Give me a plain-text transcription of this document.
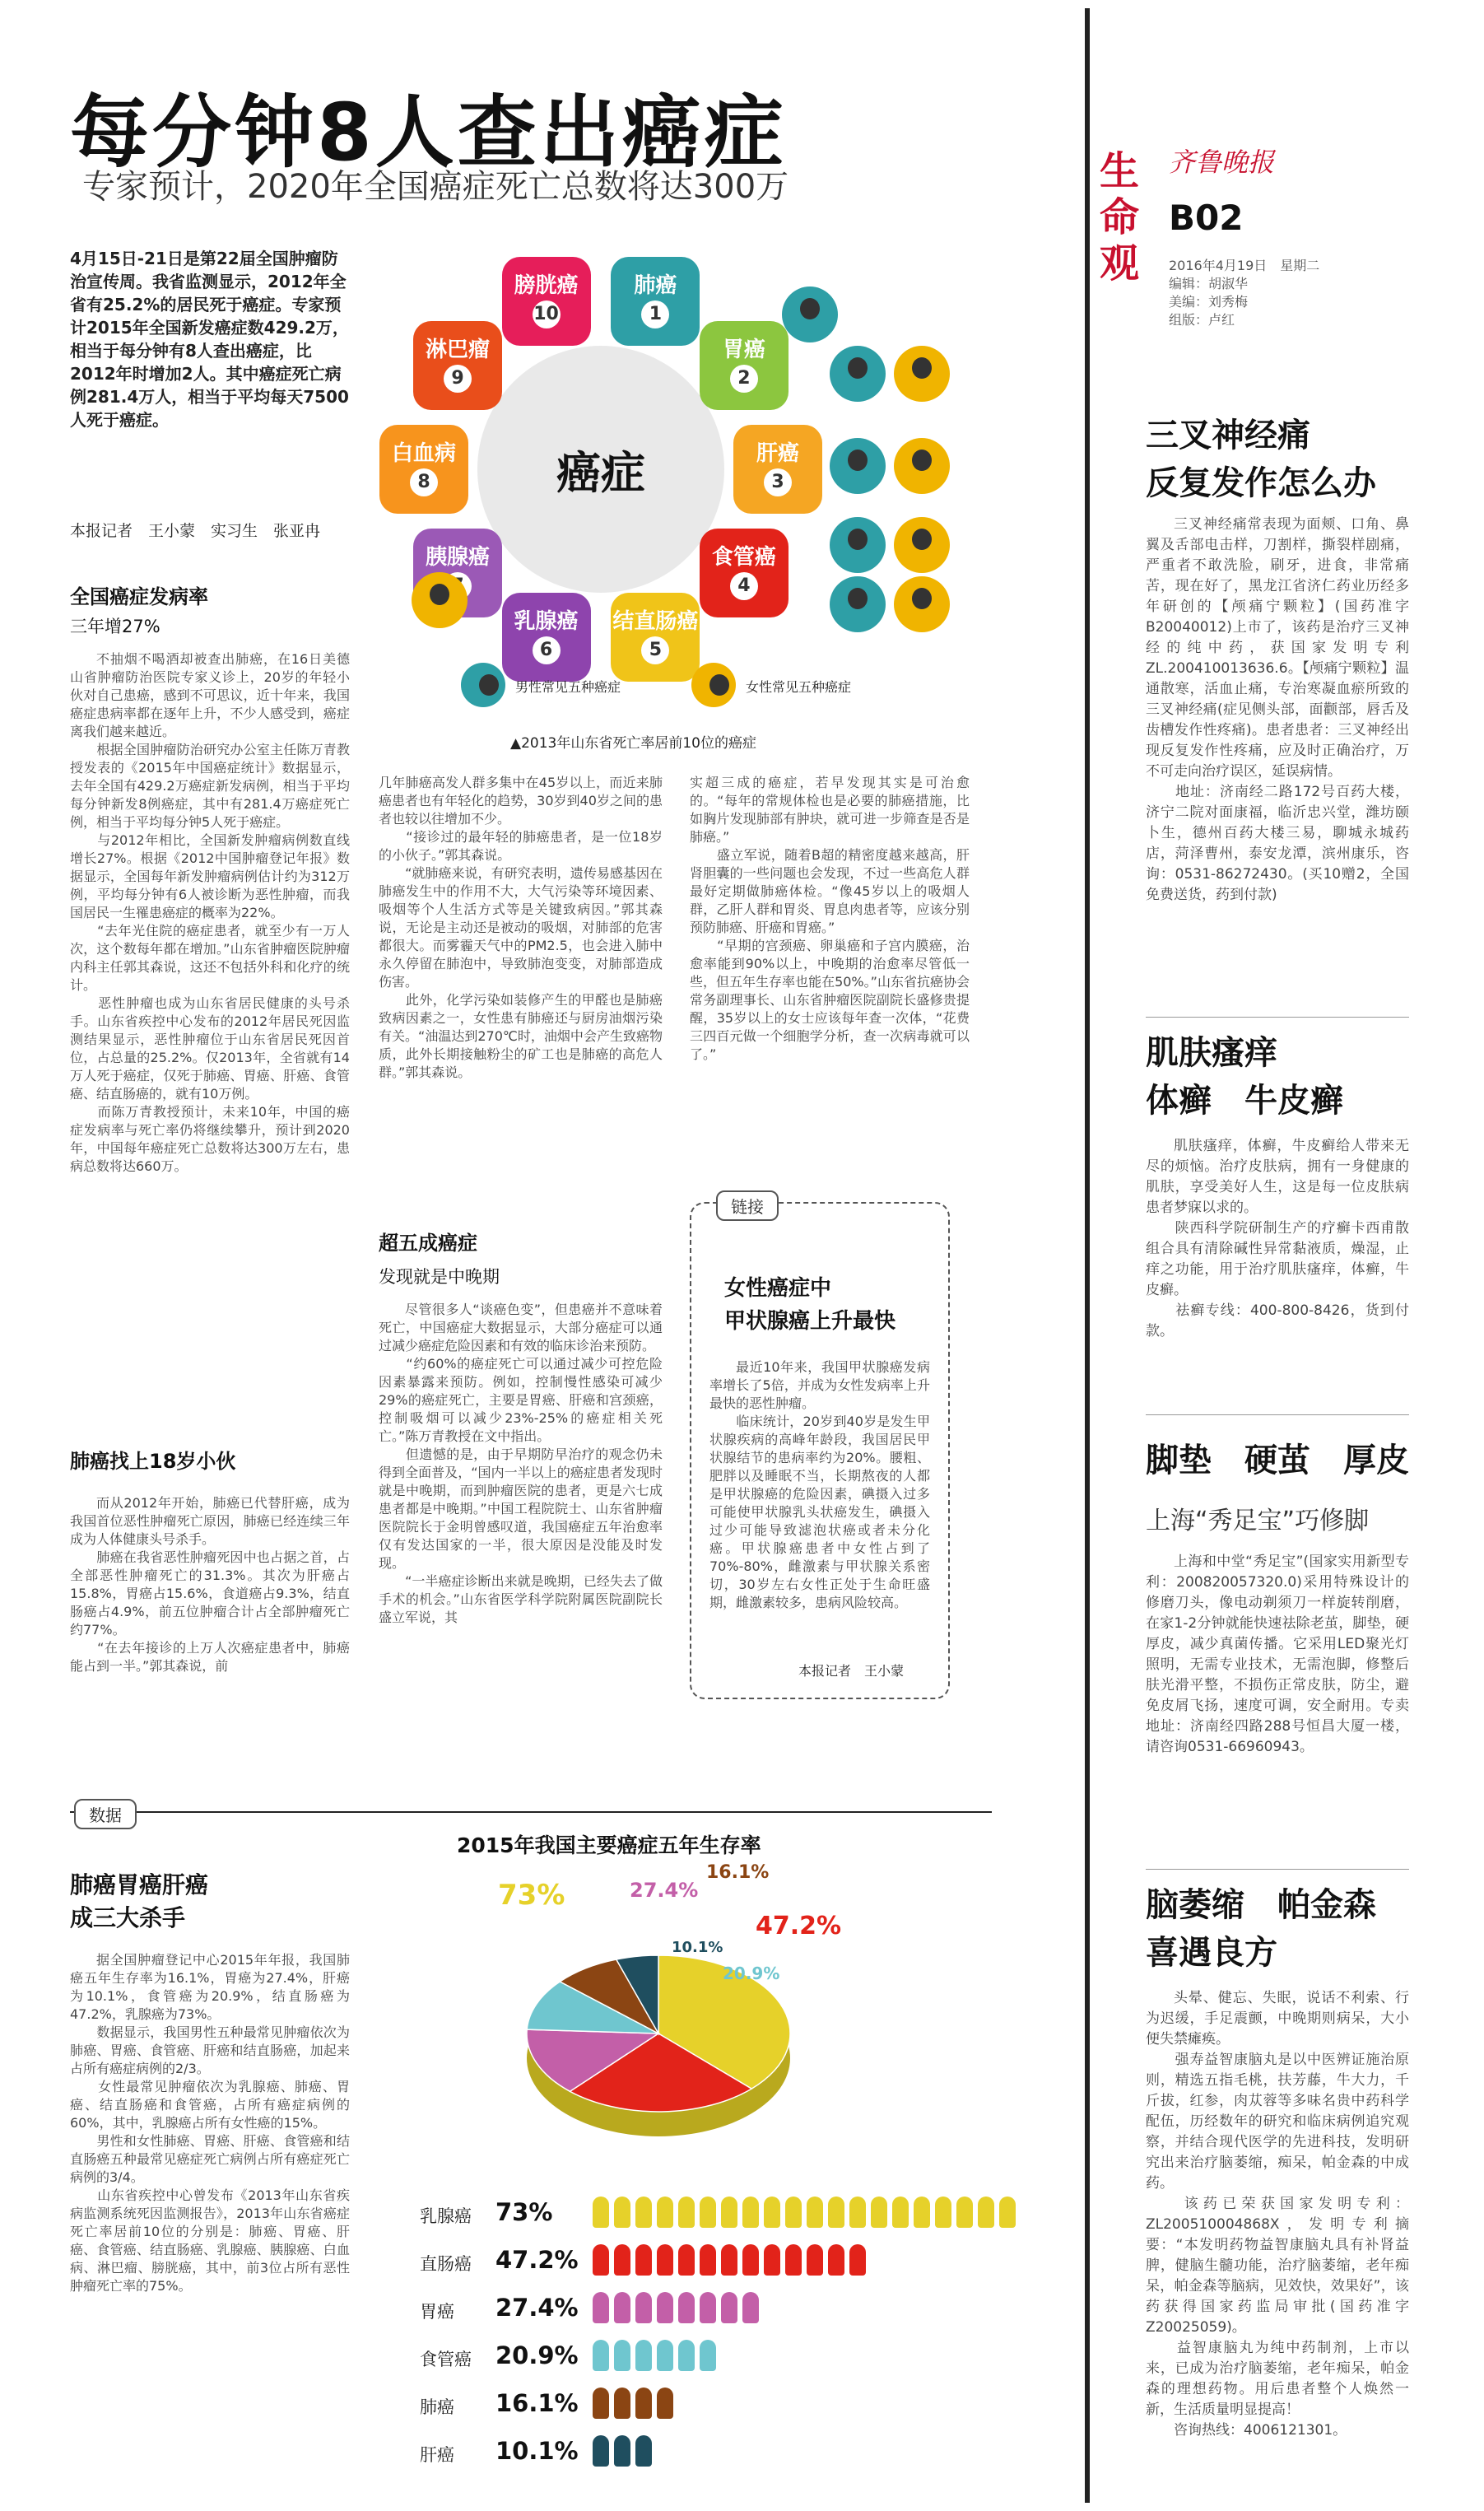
每分钟8人查出癌症
专家预计，2020年全国癌症死亡总数将达300万
4月15日-21日是第22届全国肿瘤防治宣传周。我省监测显示，2012年全省有25.2%的居民死于癌症。专家预计2015年全国新发癌症数429.2万，相当于每分钟有8人查出癌症，比2012年时增加2人。其中癌症死亡病例281.4万人，相当于平均每天7500人死于癌症。
本报记者　王小蒙　实习生　张亚冉
癌症
肺癌
1
胃癌
2
肝癌
3
食管癌
4
结直肠癌
5
乳腺癌
6
胰腺癌
白血病
8
淋巴瘤
9
膀胱癌
10
男性常见五种癌症	女性常见五种癌症
▲2013年山东省死亡率居前10位的癌症
全国癌症发病率
三年增27%
不抽烟不喝酒却被查出肺癌，在16日美德山省肿瘤防治医院专家义诊上，20岁的年轻小伙对自己患癌，感到不可思议，近十年来，我国癌症患病率都在逐年上升，不少人感受到，癌症离我们越来越近。
　　根据全国肿瘤防治研究办公室主任陈万青教授发表的《2015年中国癌症统计》数据显示，去年全国有429.2万癌症新发病例，相当于平均每分钟新发8例癌症，其中有281.4万癌症死亡例，相当于平均每分钟5人死于癌症。
　　与2012年相比，全国新发肿瘤病例数直线增长27%。根据《2012中国肿瘤登记年报》数据显示，全国每年新发肿瘤病例估计约为312万例，平均每分钟有6人被诊断为恶性肿瘤，而我国居民一生罹患癌症的概率为22%。
　　“去年光住院的癌症患者，就至少有一万人次，这个数每年都在增加。”山东省肿瘤医院肿瘤内科主任郭其森说，这还不包括外科和化疗的统计。
　　恶性肿瘤也成为山东省居民健康的头号杀手。山东省疾控中心发布的2012年居民死因监测结果显示，恶性肿瘤位于山东省居民死因首位，占总量的25.2%。仅2013年，全省就有14万人死于癌症，仅死于肺癌、胃癌、肝癌、食管癌、结直肠癌的，就有10万例。
　　而陈万青教授预计，未来10年，中国的癌症发病率与死亡率仍将继续攀升，预计到2020年，中国每年癌症死亡总数将达300万左右，患病总数将达660万。
肺癌找上18岁小伙
而从2012年开始，肺癌已代替肝癌，成为我国首位恶性肿瘤死亡原因，肺癌已经连续三年成为人体健康头号杀手。
　　肺癌在我省恶性肿瘤死因中也占据之首，占全部恶性肿瘤死亡的31.3%。其次为肝癌占15.8%，胃癌占15.6%，食道癌占9.3%，结直肠癌占4.9%，前五位肿瘤合计占全部肿瘤死亡约77%。
　　“在去年接诊的上万人次癌症患者中，肺癌能占到一半。”郭其森说，前
几年肺癌高发人群多集中在45岁以上，而近来肺癌患者也有年轻化的趋势，30岁到40岁之间的患者也较以往增加不少。
　　“接诊过的最年轻的肺癌患者，是一位18岁的小伙子。”郭其森说。
　　“就肺癌来说，有研究表明，遗传易感基因在肺癌发生中的作用不大，大气污染等环境因素、吸烟等个人生活方式等是关键致病因。”郭其森说，无论是主动还是被动的吸烟，对肺部的危害都很大。而雾霾天气中的PM2.5，也会进入肺中永久停留在肺泡中，导致肺泡变变，对肺部造成伤害。
　　此外，化学污染如装修产生的甲醛也是肺癌致病因素之一，女性患有肺癌还与厨房油烟污染有关。“油温达到270℃时，油烟中会产生致癌物质，此外长期接触粉尘的矿工也是肺癌的高危人群。”郭其森说。
超五成癌症
发现就是中晚期
尽管很多人“谈癌色变”，但患癌并不意味着死亡，中国癌症大数据显示，大部分癌症可以通过减少癌症危险因素和有效的临床诊治来预防。
　　“约60%的癌症死亡可以通过减少可控危险因素暴露来预防。例如，控制慢性感染可减少29%的癌症死亡，主要是胃癌、肝癌和宫颈癌，控制吸烟可以减少23%-25%的癌症相关死亡。”陈万青教授在文中指出。
　　但遗憾的是，由于早期防早治疗的观念仍未得到全面普及，“国内一半以上的癌症患者发现时就是中晚期，而到肿瘤医院的患者，更是六七成患者都是中晚期。”中国工程院院士、山东省肿瘤医院院长于金明曾感叹道，我国癌症五年治愈率仅有发达国家的一半，很大原因是没能及时发现。
　　“一半癌症诊断出来就是晚期，已经失去了做手术的机会。”山东省医学科学院附属医院副院长盛立军说，其
实超三成的癌症，若早发现其实是可治愈的。“每年的常规体检也是必要的肺癌措施，比如胸片发现肺部有肿块，就可进一步筛查是否是肺癌。”
　　盛立军说，随着B超的精密度越来越高，肝肾胆囊的一些问题也会发现，不过一些高危人群最好定期做肺癌体检。“像45岁以上的吸烟人群，乙肝人群和胃炎、胃息肉患者等，应该分别预防肺癌、肝癌和胃癌。”
　　“早期的宫颈癌、卵巢癌和子宫内膜癌，治愈率能到90%以上，中晚期的治愈率尽管低一些，但五年生存率也能在50%。”山东省抗癌协会常务副理事长、山东省肿瘤医院副院长盛修贵提醒，35岁以上的女士应该每年查一次体，“花费三四百元做一个细胞学分析，查一次病毒就可以了。”
链接
女性癌症中
甲状腺癌上升最快
最近10年来，我国甲状腺癌发病率增长了5倍，并成为女性发病率上升最快的恶性肿瘤。
　　临床统计，20岁到40岁是发生甲状腺疾病的高峰年龄段，我国居民甲状腺结节的患病率约为20%。腰粗、肥胖以及睡眠不当，长期熬夜的人都是甲状腺癌的危险因素，碘摄入过多可能使甲状腺乳头状癌发生，碘摄入过少可能导致滤泡状癌或者未分化癌。甲状腺癌患者中女性占到了70%-80%，雌激素与甲状腺关系密切，30岁左右女性正处于生命旺盛期，雌激素较多，患病风险较高。
本报记者　王小蒙
数据
肺癌胃癌肝癌
成三大杀手
据全国肿瘤登记中心2015年年报，我国肺癌五年生存率为16.1%，胃癌为27.4%，肝癌为10.1%，食管癌为20.9%，结直肠癌为47.2%，乳腺癌为73%。
　　数据显示，我国男性五种最常见肿瘤依次为肺癌、胃癌、食管癌、肝癌和结直肠癌，加起来占所有癌症病例的2/3。
　　女性最常见肿瘤依次为乳腺癌、肺癌、胃癌、结直肠癌和食管癌，占所有癌症病例的60%，其中，乳腺癌占所有女性癌的15%。
　　男性和女性肺癌、胃癌、肝癌、食管癌和结直肠癌五种最常见癌症死亡病例占所有癌症死亡病例的3/4。
　　山东省疾控中心曾发布《2013年山东省疾病监测系统死因监测报告》，2013年山东省癌症死亡率居前10位的分别是：肺癌、胃癌、肝癌、食管癌、结直肠癌、乳腺癌、胰腺癌、白血病、淋巴瘤、膀胱癌，其中，前3位占所有恶性肿瘤死亡率的75%。
2015年我国主要癌症五年生存率
73%
47.2%
27.4%
20.9%
16.1%
10.1%
乳腺癌 73%
直肠癌 47.2%
胃癌 27.4%
食管癌 20.9%
肺癌 16.1%
肝癌 10.1%
生命观
齐鲁晚报
B02
2016年4月19日　星期二
编辑：胡淑华
美编：刘秀梅
组版：卢红
三叉神经痛
反复发作怎么办
三叉神经痛常表现为面颊、口角、鼻翼及舌部电击样，刀割样，撕裂样剧痛，严重者不敢洗脸，刷牙，进食，非常痛苦，现在好了，黑龙江省济仁药业历经多年研创的【颅痛宁颗粒】(国药准字B20040012)上市了，该药是治疗三叉神经的纯中药，获国家发明专利ZL.200410013636.6。【颅痛宁颗粒】温通散寒，活血止痛，专治寒凝血瘀所致的三叉神经痛(症见侧头部，面颧部，唇舌及齿槽发作性疼痛)。患者患者：三叉神经出现反复发作性疼痛，应及时正确治疗，万不可走向治疗误区，延误病情。
　　地址：济南经二路172号百药大楼，济宁二院对面康福，临沂忠兴堂，潍坊颐卜生，德州百药大楼三易，聊城永城药店，菏泽曹州，泰安龙潭，滨州康乐，咨询：0531-86272430。(买10赠2，全国免费送货，药到付款)
肌肤瘙痒
体癣　牛皮癣
肌肤瘙痒，体癣，牛皮癣给人带来无尽的烦恼。治疗皮肤病，拥有一身健康的肌肤，享受美好人生，这是每一位皮肤病患者梦寐以求的。
　　陕西科学院研制生产的疗癣卡西甫散组合具有清除碱性异常黏液质，燥湿，止痒之功能，用于治疗肌肤瘙痒，体癣，牛皮癣。
　　祛癣专线：400-800-8426，货到付款。
脚垫　硬茧　厚皮
上海“秀足宝”巧修脚
上海和中堂“秀足宝”(国家实用新型专利：200820057320.0)采用特殊设计的修磨刀头，像电动剃须刀一样旋转削磨，在家1-2分钟就能快速祛除老茧，脚垫，硬厚皮，减少真菌传播。它采用LED聚光灯照明，无需专业技术，无需泡脚，修整后肤光滑平整，不损伤正常皮肤，防尘，避免皮屑飞扬，速度可调，安全耐用。专卖地址：济南经四路288号恒昌大厦一楼，请咨询0531-66960943。
脑萎缩　帕金森
喜遇良方
头晕、健忘、失眠，说话不利索、行为迟缓，手足震颤，中晚期则病呆，大小便失禁瘫痪。
　　强寿益智康脑丸是以中医辨证施治原则，精选五指毛桃，扶芳藤，牛大力，千斤拔，红参，肉苁蓉等多味名贵中药科学配伍，历经数年的研究和临床病例追究观察，并结合现代医学的先进科技，发明研究出来治疗脑萎缩，痴呆，帕金森的中成药。
　　该药已荣获国家发明专利：ZL200510004868X，发明专利摘要：“本发明药物益智康脑丸具有补肾益脾，健脑生髓功能，治疗脑萎缩，老年痴呆，帕金森等脑病，见效快，效果好”，该药获得国家药监局审批(国药准字Z20025059)。
　　益智康脑丸为纯中药制剂，上市以来，已成为治疗脑萎缩，老年痴呆，帕金森的理想药物。用后患者整个人焕然一新，生活质量明显提高！
　　咨询热线：4006121301。
